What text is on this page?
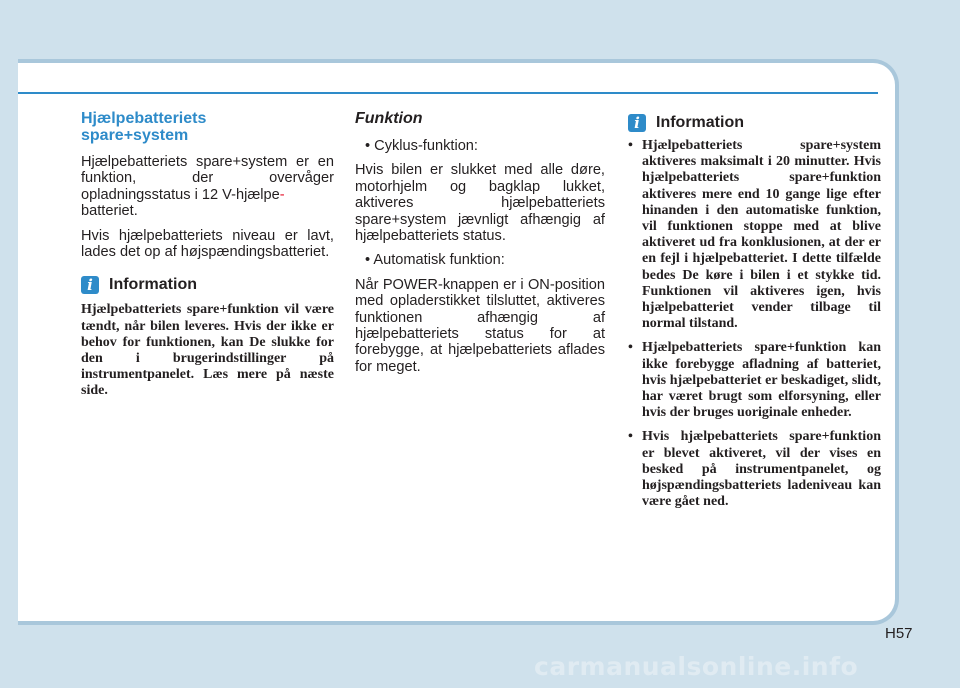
Hjælpebatteriets
spare+system

Hjælpebatteriets spare+system er en funktion, der overvåger opladningsstatus i 12 V-hjælpe-
batteriet.

Hvis hjælpebatteriets niveau er lavt, lades det op af højspændingsbatteriet.

i	Information

Hjælpebatteriets spare+funktion vil være tændt, når bilen leveres. Hvis der ikke er behov for funktionen, kan De slukke for den i brugerindstillinger på instrumentpanelet. Læs mere på næste side.

Funktion
• Cyklus-funktion:

Hvis bilen er slukket med alle døre, motorhjelm og bagklap lukket, aktiveres hjælpebatteriets spare+system jævnligt afhængig af hjælpebatteriets status.

• Automatisk funktion:

Når POWER-knappen er i ON-position med opladerstikket tilsluttet, aktiveres funktionen afhængig af hjælpebatteriets status for at forebygge, at hjælpebatteriets aflades for meget.

i	Information
• Hjælpebatteriets spare+system aktiveres maksimalt i 20 minutter. Hvis hjælpebatteriets spare+funktion aktiveres mere end 10 gange lige efter hinanden i den automatiske funktion, vil funktionen stoppe med at blive aktiveret ud fra konklusionen, at der er en fejl i hjælpebatteriet. I dette tilfælde bedes De køre i bilen i et stykke tid. Funktionen vil aktiveres igen, hvis hjælpebatteriet vender tilbage til normal tilstand.
• Hjælpebatteriets spare+funktion kan ikke forebygge afladning af batteriet, hvis hjælpebatteriet er beskadiget, slidt, har været brugt som elforsyning, eller hvis der bruges uoriginale enheder.
• Hvis hjælpebatteriets spare+funktion er blevet aktiveret, vil der vises en besked på instrumentpanelet, og højspændingsbatteriets ladeniveau kan være gået ned.
H57
carmanualsonline.info
